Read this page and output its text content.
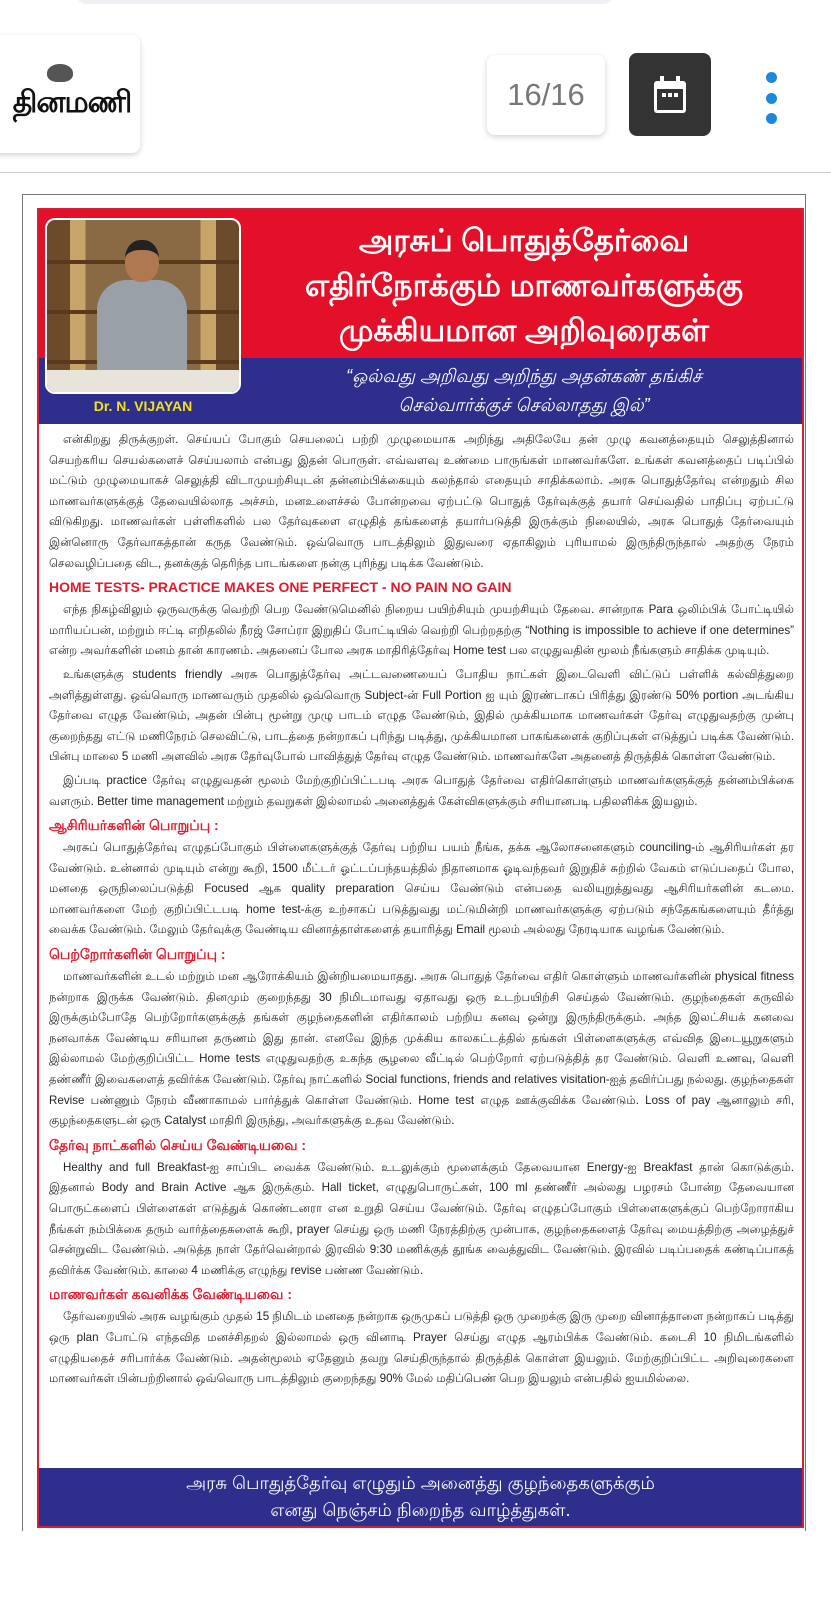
தினமணி	16/16
Dr. N. VIJAYAN
அரசுப் பொதுத்தேர்வை
எதிர்நோக்கும் மாணவர்களுக்கு
முக்கியமான அறிவுரைகள்
“ஒல்வது அறிவது அறிந்து அதன்கண் தங்கிச்
செல்வார்க்குச் செல்லாதது இல்”

என்கிறது திருக்குறள். செய்யப் போகும் செயலைப் பற்றி முழுமையாக அறிந்து அதிலேயே தன் முழு கவனத்தையும் செலுத்தினால் செயற்கரிய செயல்களைச் செய்யலாம் என்பது இதன் பொருள். எவ்வளவு உண்மை பாருங்கள் மாணவர்களே. உங்கள் கவனத்தைப் படிப்பில் மட்டும் முழுமையாகச் செலுத்தி விடாமுயற்சியுடன் தன்னம்பிக்கையும் கலந்தால் எதையும் சாதிக்கலாம். அரசு பொதுத்தேர்வு என்றதும் சில மாணவர்களுக்குத் தேவையில்லாத அச்சம், மனஉளைச்சல் போன்றவை ஏற்பட்டு பொதுத் தேர்வுக்குத் தயார் செய்வதில் பாதிப்பு ஏற்பட்டு விடுகிறது. மாணவர்கள் பள்ளிகளில் பல தேர்வுகளை எழுதித் தங்களைத் தயார்படுத்தி இருக்கும் நிலையில், அரசு பொதுத் தேர்வையும் இன்னொரு தேர்வாகத்தான் கருத வேண்டும். ஒவ்வொரு பாடத்திலும் இதுவரை ஏதாகிலும் புரியாமல் இருந்திருந்தால் அதற்கு நேரம் செலவழிப்பதை விட, தனக்குத் தெரிந்த பாடங்களை நன்கு புரிந்து படிக்க வேண்டும்.

HOME TESTS- PRACTICE MAKES ONE PERFECT - NO PAIN NO GAIN

எந்த நிகழ்விலும் ஒருவருக்கு வெற்றி பெற வேண்டுமெனில் நிறைய பயிற்சியும் முயற்சியும் தேவை. சான்றாக Para ஒலிம்பிக் போட்டியில் மாரியப்பன், மற்றும் ஈட்டி எறிதலில் நீரஜ் சோப்ரா இறுதிப் போட்டியில் வெற்றி பெற்றதற்கு “Nothing is impossible to achieve if one determines” என்ற அவர்களின் மனம் தான் காரணம். அதனைப் போல அரசு மாதிரித்தேர்வு Home test பல எழுதுவதின் மூலம் நீங்களும் சாதிக்க முடியும்.

உங்களுக்கு students friendly அரசு பொதுத்தேர்வு அட்டவணையைப் போதிய நாட்கள் இடைவெளி விட்டுப் பள்ளிக் கல்வித்துறை அளித்துள்ளது. ஒவ்வொரு மாணவரும் முதலில் ஒவ்வொரு Subject-ன் Full Portion ஐ யும் இரண்டாகப் பிரித்து இரண்டு 50% portion அடங்கிய தேர்வை எழுத வேண்டும், அதன் பின்பு மூன்று முழு பாடம் எழுத வேண்டும், இதில் முக்கியமாக மாணவர்கள் தேர்வு எழுதுவதற்கு முன்பு குறைந்தது எட்டு மணிநேரம் செலவிட்டு, பாடத்தை நன்றாகப் புரிந்து படித்து, முக்கியமான பாகங்களைக் குறிப்புகள் எடுத்துப் படிக்க வேண்டும். பின்பு மாலை 5 மணி அளவில் அரசு தேர்வுபோல் பாவித்துத் தேர்வு எழுத வேண்டும். மாணவர்களே அதனைத் திருத்திக் கொள்ள வேண்டும்.

இப்படி practice தேர்வு எழுதுவதன் மூலம் மேற்குறிப்பிட்டபடி அரசு பொதுத் தேர்வை எதிர்கொள்ளும் மாணவர்களுக்குத் தன்னம்பிக்கை வளரும். Better time management மற்றும் தவறுகள் இல்லாமல் அனைத்துக் கேள்விகளுக்கும் சரியானபடி பதிலளிக்க இயலும்.

ஆசிரியர்களின் பொறுப்பு :

அரசுப் பொதுத்தேர்வு எழுதப்போகும் பிள்ளைகளுக்குத் தேர்வு பற்றிய பயம் நீங்க, தக்க ஆலோசனைகளும் counciling-ம் ஆசிரியர்கள் தர வேண்டும். உன்னால் முடியும் என்று கூறி, 1500 மீட்டர் ஓட்டப்பந்தயத்தில் நிதானமாக ஓடிவந்தவர் இறுதிச் சுற்றில் வேகம் எடுப்பதைப் போல, மனதை ஒருநிலைப்படுத்தி Focused ஆக quality preparation செய்ய வேண்டும் என்பதை வலியுறுத்துவது ஆசிரியர்களின் கடமை. மாணவர்களை மேற் குறிப்பிட்டபடி home test-க்கு உற்சாகப் படுத்துவது மட்டுமின்றி மாணவர்களுக்கு ஏற்படும் சந்தேகங்களையும் தீர்த்து வைக்க வேண்டும். மேலும் தேர்வுக்கு வேண்டிய வினாத்தாள்களைத் தயாரித்து Email மூலம் அல்லது நேரடியாக வழங்க வேண்டும்.

பெற்றோர்களின் பொறுப்பு :

மாணவர்களின் உடல் மற்றும் மன ஆரோக்கியம் இன்றியமையாதது. அரசு பொதுத் தேர்வை எதிர் கொள்ளும் மாணவர்களின் physical fitness நன்றாக இருக்க வேண்டும். தினமும் குறைந்தது 30 நிமிடமாவது ஏதாவது ஒரு உடற்பயிற்சி செய்தல் வேண்டும். குழந்தைகள் கருவில் இருக்கும்போதே பெற்றோர்களுக்குத் தங்கள் குழந்தைகளின் எதிர்காலம் பற்றிய கனவு ஒன்று இருந்திருக்கும். அந்த இலட்சியக் கனவை நனவாக்க வேண்டிய சரியான தருணம் இது தான். எனவே இந்த முக்கிய காலகட்டத்தில் தங்கள் பிள்ளைகளுக்கு எவ்வித இடையூறுகளும் இல்லாமல் மேற்குறிப்பிட்ட Home tests எழுதுவதற்கு உகந்த சூழலை வீட்டில் பெற்றோர் ஏற்படுத்தித் தர வேண்டும். வெளி உணவு, வெளி தண்ணீர் இவைகளைத் தவிர்க்க வேண்டும். தேர்வு நாட்களில் Social functions, friends and relatives visitation-ஐத் தவிர்ப்பது நல்லது. குழந்தைகள் Revise பண்ணும் நேரம் வீணாகாமல் பார்த்துக் கொள்ள வேண்டும். Home test எழுத ஊக்குவிக்க வேண்டும். Loss of pay ஆனாலும் சரி, குழந்தைகளுடன் ஒரு Catalyst மாதிரி இருந்து, அவர்களுக்கு உதவ வேண்டும்.

தேர்வு நாட்களில் செய்ய வேண்டியவை :

Healthy and full Breakfast-ஐ சாப்பிட வைக்க வேண்டும். உடலுக்கும் மூளைக்கும் தேவையான Energy-ஐ Breakfast தான் கொடுக்கும். இதனால் Body and Brain Active ஆக இருக்கும். Hall ticket, எழுதுபொருட்கள், 100 ml தண்ணீர் அல்லது பழரசம் போன்ற தேவையான பொருட்களைப் பிள்ளைகள் எடுத்துக் கொண்டனரா என உறுதி செய்ய வேண்டும். தேர்வு எழுதப்போகும் பிள்ளைகளுக்குப் பெற்றோராகிய நீங்கள் நம்பிக்கை தரும் வார்த்தைகளைக் கூறி, prayer செய்து ஒரு மணி நேரத்திற்கு முன்பாக, குழந்தைகளைத் தேர்வு மையத்திற்கு அழைத்துச் சென்றுவிட வேண்டும். அடுத்த நாள் தேர்வென்றால் இரவில் 9:30 மணிக்குத் தூங்க வைத்துவிட வேண்டும். இரவில் படிப்பதைக் கண்டிப்பாகத் தவிர்க்க வேண்டும். காலை 4 மணிக்கு எழுந்து revise பண்ண வேண்டும்.

மாணவர்கள் கவனிக்க வேண்டியவை :

தேர்வறையில் அரசு வழங்கும் முதல் 15 நிமிடம் மனதை நன்றாக ஒருமுகப் படுத்தி ஒரு முறைக்கு இரு முறை வினாத்தாளை நன்றாகப் படித்து ஒரு plan போட்டு எந்தவித மனச்சிதறல் இல்லாமல் ஒரு வினாடி Prayer செய்து எழுத ஆரம்பிக்க வேண்டும். கடைசி 10 நிமிடங்களில் எழுதியதைச் சரிபார்க்க வேண்டும். அதன்மூலம் ஏதேனும் தவறு செய்திருந்தால் திருத்திக் கொள்ள இயலும். மேற்குறிப்பிட்ட அறிவுரைகளை மாணவர்கள் பின்பற்றினால் ஒவ்வொரு பாடத்திலும் குறைந்தது 90% மேல் மதிப்பெண் பெற இயலும் என்பதில் ஐயமில்லை.

அரசு பொதுத்தேர்வு எழுதும் அனைத்து குழந்தைகளுக்கும்
எனது நெஞ்சம் நிறைந்த வாழ்த்துகள்.
